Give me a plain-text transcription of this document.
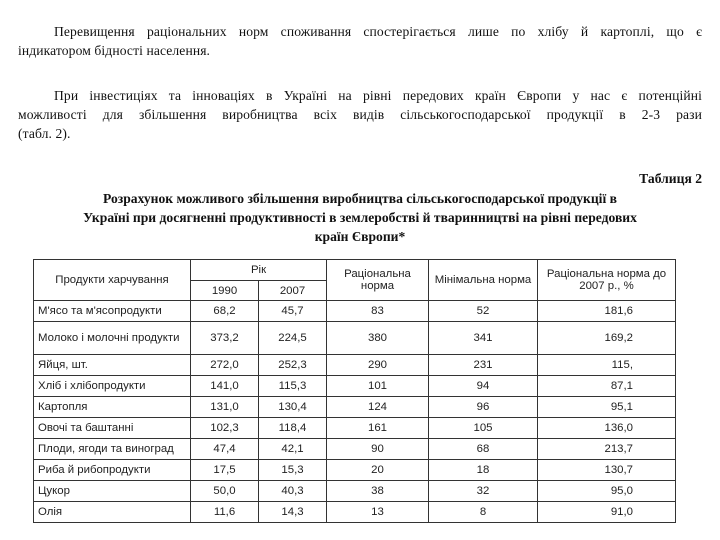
Перевищення раціональних норм споживання спостерігається лише по хлібу й картоплі, що є
індикатором бідності населення.
При інвестиціях та інноваціях в Україні на рівні передових країн Європи у нас є потенційні
можливості для збільшення виробництва всіх видів сільськогосподарської продукції в 2-3 рази
(табл. 2).
Таблиця 2
Розрахунок можливого збільшення виробництва сільськогосподарської продукції в
Україні при досягненні продуктивності в землеробстві й тваринництві на рівні передових
країн Європи*
Продукти харчування	Рік		Раціональна норма	Мінімальна норма	Раціональна норма до 2007 р., %
	1990	2007			
М'ясо та м'ясопродукти	68,2	45,7	83	52	181,6
Молоко і молочні продукти	373,2	224,5	380	341	169,2
Яйця, шт.	272,0	252,3	290	231	115,
Хліб і хлібопродукти	141,0	115,3	101	94	87,1
Картопля	131,0	130,4	124	96	95,1
Овочі та баштанні	102,3	118,4	161	105	136,0
Плоди, ягоди та виноград	47,4	42,1	90	68	213,7
Риба й рибопродукти	17,5	15,3	20	18	130,7
Цукор	50,0	40,3	38	32	95,0
Олія	11,6	14,3	13	8	91,0
